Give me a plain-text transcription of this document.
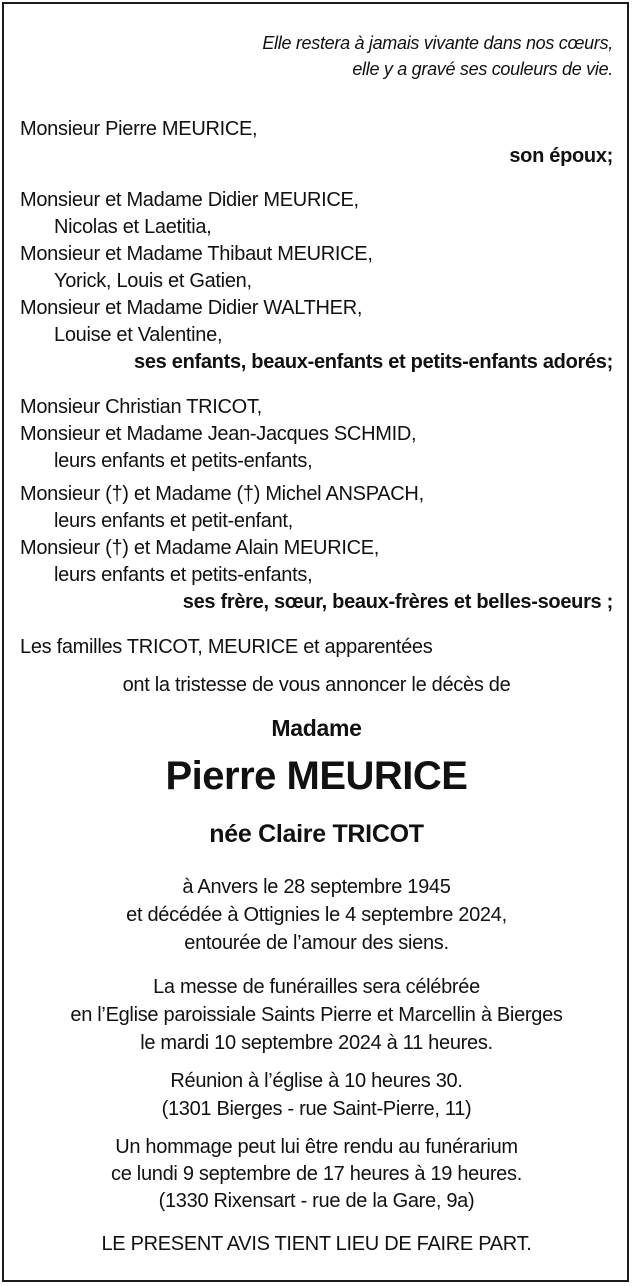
Elle restera à jamais vivante dans nos cœurs,
elle y a gravé ses couleurs de vie.
Monsieur Pierre MEURICE,
son époux;
Monsieur et Madame Didier MEURICE,
Nicolas et Laetitia,
Monsieur et Madame Thibaut MEURICE,
Yorick, Louis et Gatien,
Monsieur et Madame Didier WALTHER,
Louise et Valentine,
ses enfants, beaux-enfants et petits-enfants adorés;
Monsieur Christian TRICOT,
Monsieur et Madame Jean-Jacques SCHMID,
leurs enfants et petits-enfants,
Monsieur (†) et Madame (†) Michel ANSPACH,
leurs enfants et petit-enfant,
Monsieur (†) et Madame Alain MEURICE,
leurs enfants et petits-enfants,
ses frère, sœur, beaux-frères et belles-soeurs ;
Les familles TRICOT, MEURICE et apparentées
ont la tristesse de vous annoncer le décès de
Madame
Pierre MEURICE
née Claire TRICOT
à Anvers le 28 septembre 1945
et décédée à Ottignies le 4 septembre 2024,
entourée de l’amour des siens.
La messe de funérailles sera célébrée
en l’Eglise paroissiale Saints Pierre et Marcellin à Bierges
le mardi 10 septembre 2024 à 11 heures.
Réunion à l’église à 10 heures 30.
(1301 Bierges - rue Saint-Pierre, 11)
Un hommage peut lui être rendu au funérarium
ce lundi 9 septembre de 17 heures à 19 heures.
(1330 Rixensart - rue de la Gare, 9a)
LE PRESENT AVIS TIENT LIEU DE FAIRE PART.
